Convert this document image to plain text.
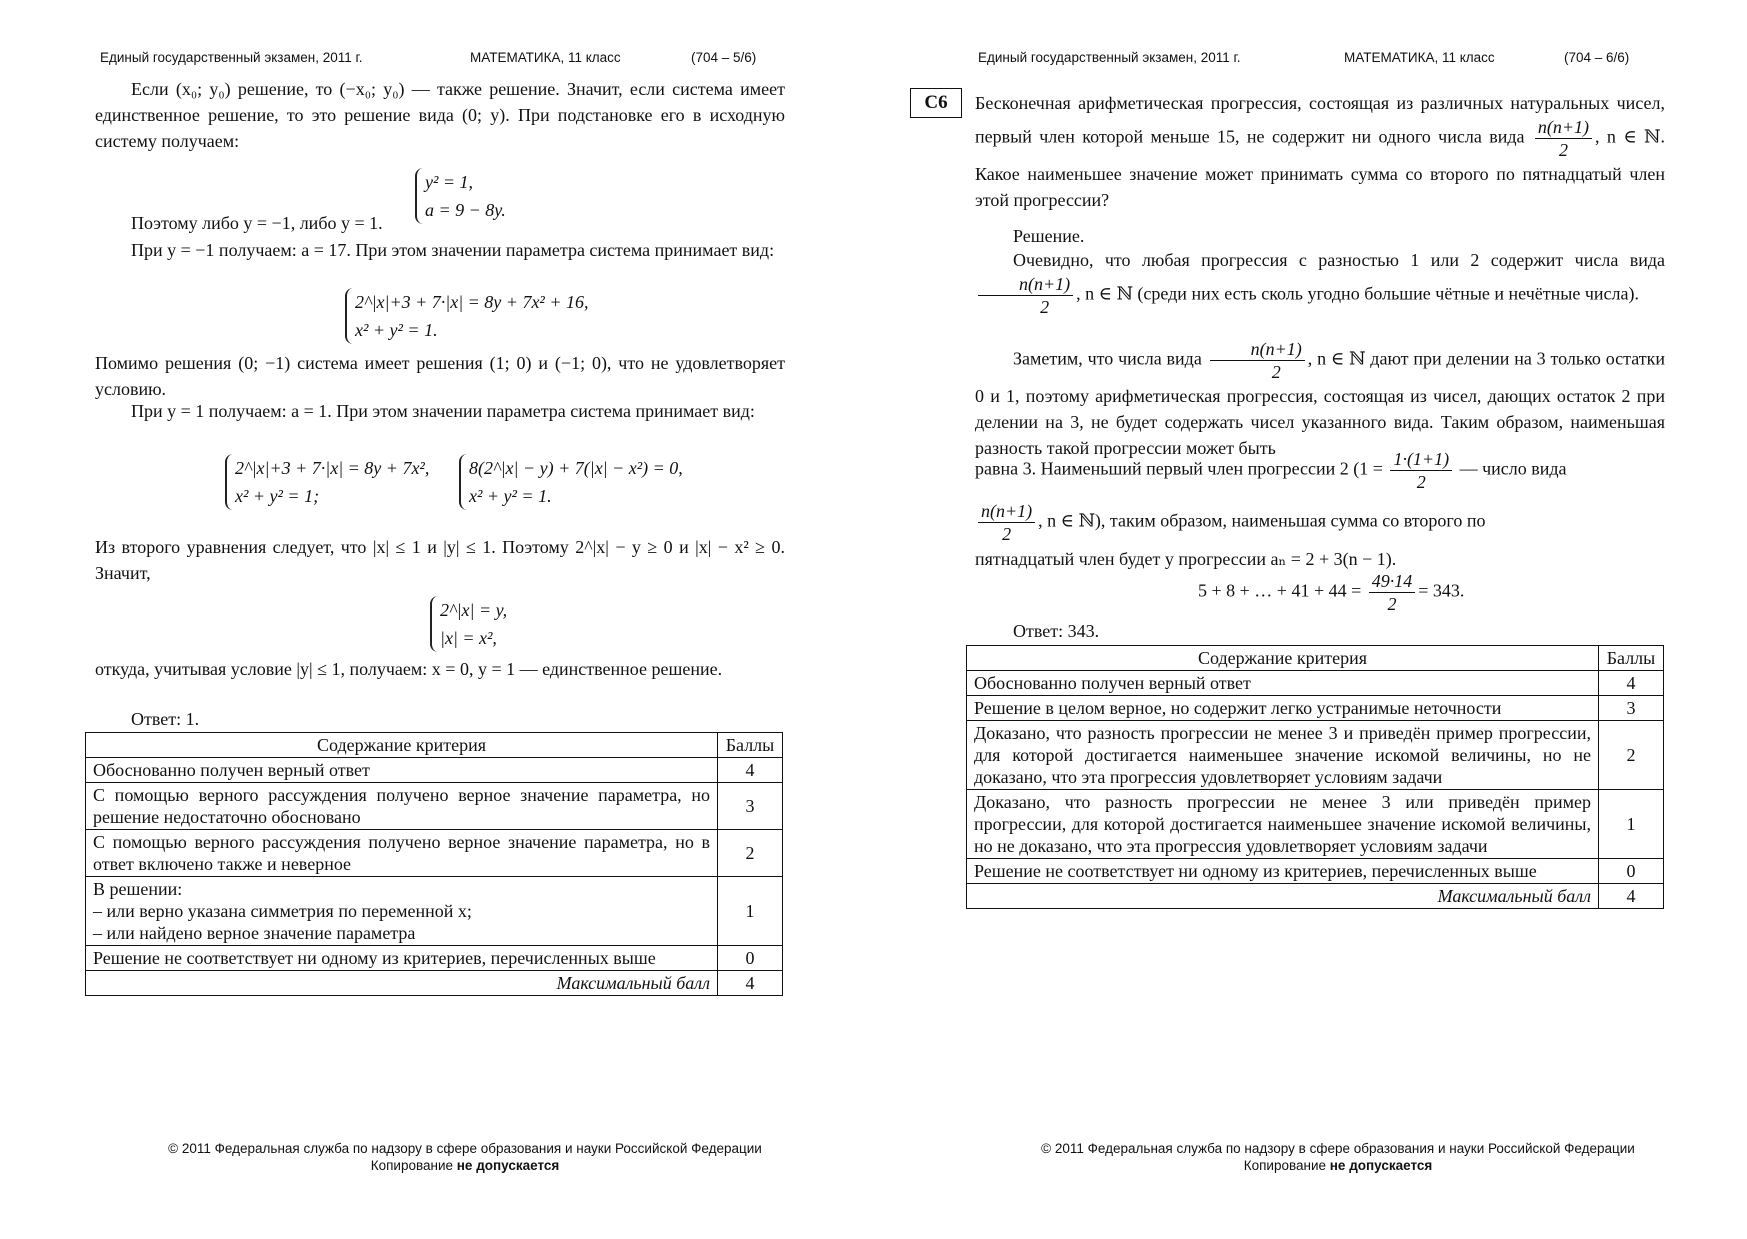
Единый государственный экзамен, 2011 г.	МАТЕМАТИКА, 11 класс	(704 – 5/6)
Если (x₀; y₀) решение, то (−x₀; y₀) — также решение. Значит, если система имеет единственное решение, то это решение вида (0; y). При подстановке его в исходную систему получаем:
y² = 1,
a = 9 − 8y.
Поэтому либо y = −1, либо y = 1.
При y = −1 получаем: a = 17. При этом значении параметра система принимает вид:
2^|x|+3 + 7·|x| = 8y + 7x² + 16,
x² + y² = 1.
Помимо решения (0; −1) система имеет решения (1; 0) и (−1; 0), что не удовлетворяет условию.
При y = 1 получаем: a = 1. При этом значении параметра система принимает вид:
2^|x|+3 + 7·|x| = 8y + 7x²,
x² + y² = 1;
8(2^|x| − y) + 7(|x| − x²) = 0,
x² + y² = 1.
Из второго уравнения следует, что |x| ≤ 1 и |y| ≤ 1. Поэтому 2^|x| − y ≥ 0 и |x| − x² ≥ 0. Значит,
2^|x| = y,
|x| = x²,
откуда, учитывая условие |y| ≤ 1, получаем: x = 0, y = 1 — единственное решение.
Ответ: 1.
Содержание критерия	Баллы
Обоснованно получен верный ответ	4
С помощью верного рассуждения получено верное значение параметра, но решение недостаточно обосновано	3
С помощью верного рассуждения получено верное значение параметра, но в ответ включено также и неверное	2
В решении:
– или верно указана симметрия по переменной x;
– или найдено верное значение параметра	1
Решение не соответствует ни одному из критериев, перечисленных выше	0
Максимальный балл	4
© 2011 Федеральная служба по надзору в сфере образования и науки Российской Федерации
Копирование не допускается
Единый государственный экзамен, 2011 г.	МАТЕМАТИКА, 11 класс	(704 – 6/6)
С6	Бесконечная арифметическая прогрессия, состоящая из различных натуральных чисел, первый член которой меньше 15, не содержит ни одного числа вида $\frac{n(n+1)}{2}$ , n ∈ ℕ. Какое наименьшее значение может принимать сумма со второго по пятнадцатый член этой прогрессии?
Решение.
Очевидно, что любая прогрессия с разностью 1 или 2 содержит числа вида
$\frac{n(n+1)}{2}$ , n ∈ ℕ (среди них есть сколь угодно большие чётные и нечётные числа).
Заметим, что числа вида $\frac{n(n+1)}{2}$ , n ∈ ℕ дают при делении на 3 только остатки 0 и 1, поэтому арифметическая прогрессия, состоящая из чисел, дающих остаток 2 при делении на 3, не будет содержать чисел указанного вида. Таким образом, наименьшая разность такой прогрессии может быть
равна 3. Наименьший первый член прогрессии 2 ($1 = \frac{1\cdot(1+1)}{2}$ — число вида
$\frac{n(n+1)}{2}$ , n ∈ ℕ), таким образом, наименьшая сумма со второго по
пятнадцатый член будет у прогрессии aₙ = 2 + 3(n − 1).
5 + 8 + … + $41 + 44 = \frac{49\cdot 14}{2} = 343$.
Ответ: 343.
Содержание критерия	Баллы
Обоснованно получен верный ответ	4
Решение в целом верное, но содержит легко устранимые неточности	3
Доказано, что разность прогрессии не менее 3 и приведён пример прогрессии, для которой достигается наименьшее значение искомой величины, но не доказано, что эта прогрессия удовлетворяет условиям задачи	2
Доказано, что разность прогрессии не менее 3 или приведён пример прогрессии, для которой достигается наименьшее значение искомой величины, но не доказано, что эта прогрессия удовлетворяет условиям задачи	1
Решение не соответствует ни одному из критериев, перечисленных выше	0
Максимальный балл	4
© 2011 Федеральная служба по надзору в сфере образования и науки Российской Федерации
Копирование не допускается
